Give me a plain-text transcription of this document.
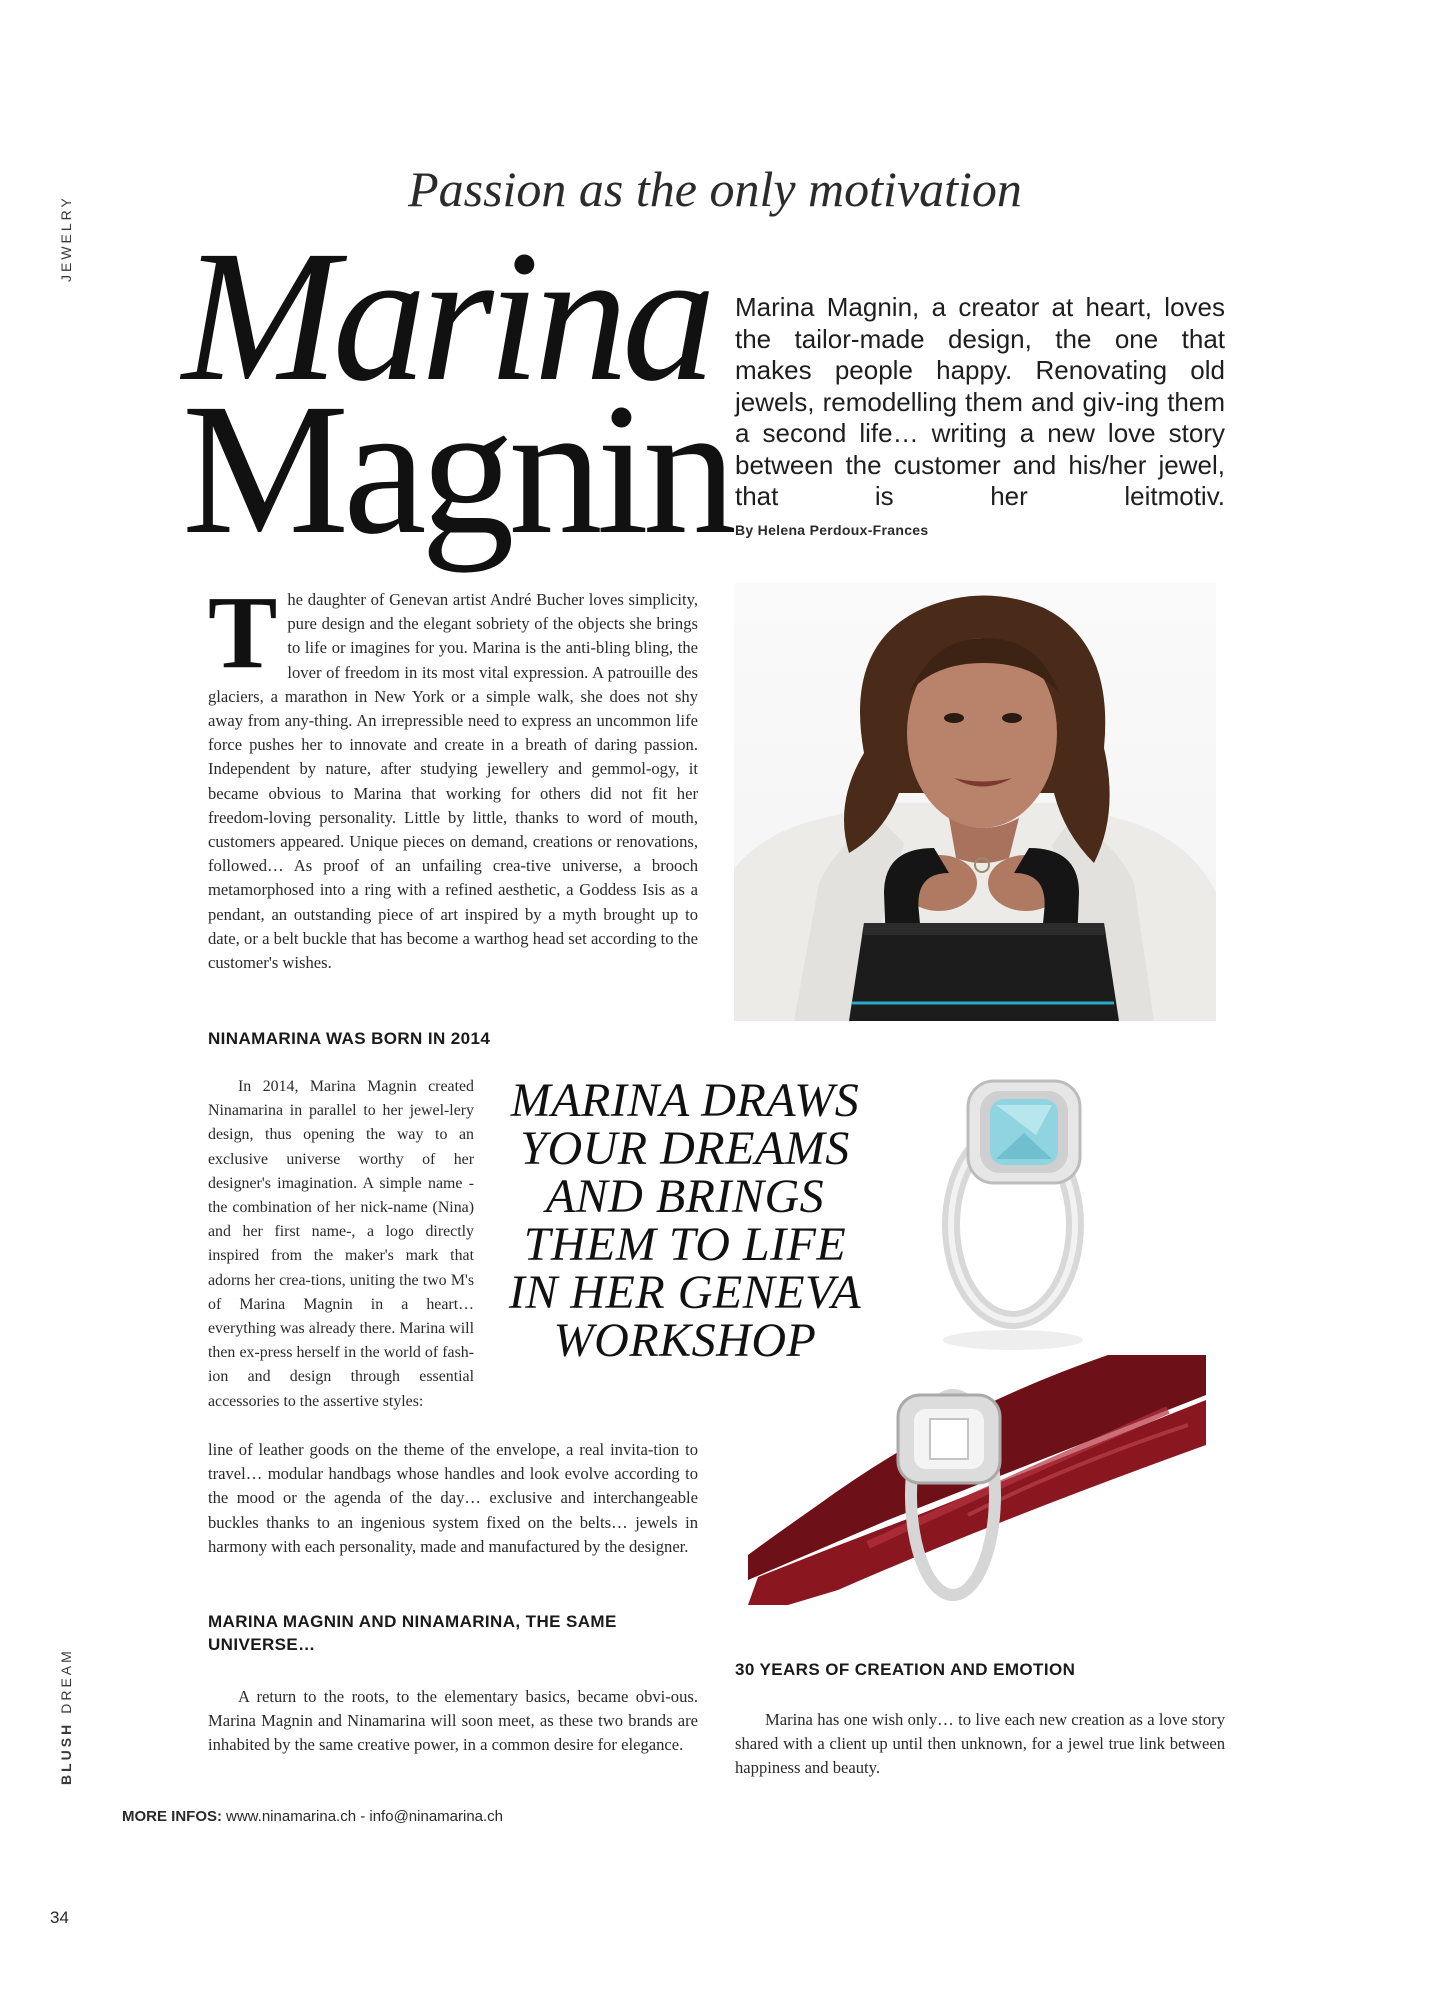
JEWELRY
BLUSHDREAM
Passion as the only motivation
Marina
Magnin

Marina Magnin, a creator at heart, loves the tailor-made design, the one that makes people happy. Renovating old jewels, remodelling them and giv-ing them a second life… writing a new love story between the customer and his/her jewel, that is her leitmotiv.

By Helena Perdoux-Frances
T he daughter of Genevan artist André Bucher loves simplicity, pure design and the elegant sobriety of the objects she brings to life or imagines for you. Marina is the anti-bling bling, the lover of freedom in its most vital expression. A patrouille des glaciers, a marathon in New York or a simple walk, she does not shy away from any-thing. An irrepressible need to express an uncommon life force pushes her to innovate and create in a breath of daring passion. Independent by nature, after studying jewellery and gemmol-ogy, it became obvious to Marina that working for others did not fit her freedom-loving personality. Little by little, thanks to word of mouth, customers appeared. Unique pieces on demand, creations or renovations, followed… As proof of an unfailing crea-tive universe, a brooch metamorphosed into a ring with a refined aesthetic, a Goddess Isis as a pendant, an outstanding piece of art inspired by a myth brought up to date, or a belt buckle that has become a warthog head set according to the customer's wishes.
NINAMARINA WAS BORN IN 2014

In 2014, Marina Magnin created Ninamarina in parallel to her jewel-lery design, thus opening the way to an exclusive universe worthy of her designer's imagination. A simple name -the combination of her nick-name (Nina) and her first name-, a logo directly inspired from the maker's mark that adorns her crea-tions, uniting the two M's of Marina Magnin in a heart… everything was already there. Marina will then ex-press herself in the world of fash-ion and design through essential accessories to the assertive styles:

MARINA DRAWS YOUR DREAMS AND BRINGS THEM TO LIFE IN HER GENEVA WORKSHOP

line of leather goods on the theme of the envelope, a real invita-tion to travel… modular handbags whose handles and look evolve according to the mood or the agenda of the day… exclusive and interchangeable buckles thanks to an ingenious system fixed on the belts… jewels in harmony with each personality, made and manufactured by the designer.

MARINA MAGNIN AND NINAMARINA, THE SAME UNIVERSE…

A return to the roots, to the elementary basics, became obvi-ous. Marina Magnin and Ninamarina will soon meet, as these two brands are inhabited by the same creative power, in a common desire for elegance.

30 YEARS OF CREATION AND EMOTION

Marina has one wish only… to live each new creation as a love story shared with a client up until then unknown, for a jewel true link between happiness and beauty.

MORE INFOS: www.ninamarina.ch - info@ninamarina.ch
34
